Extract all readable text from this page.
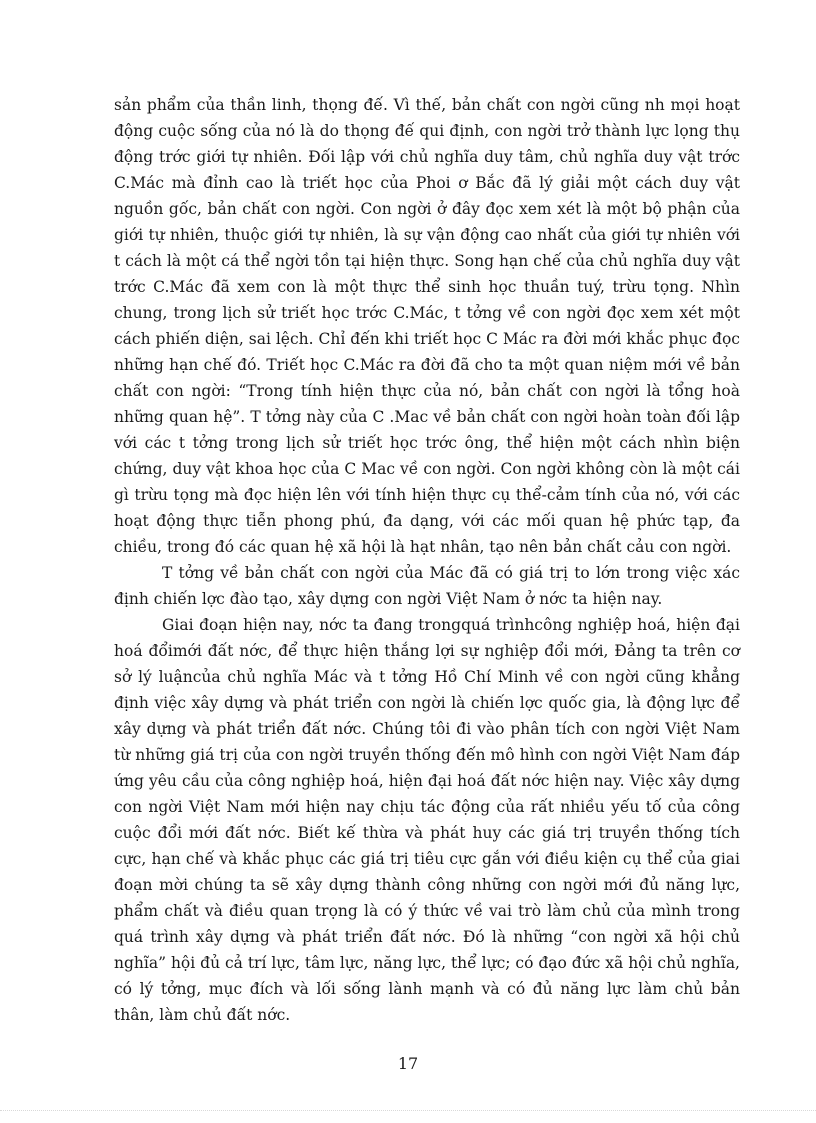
sản phẩm của thần linh, thọng đế. Vì thế, bản chất con ngời cũng nh mọi hoạt động cuộc sống của nó là do thọng đế qui định, con ngời trở thành lực lọng thụ động trớc giới tự nhiên. Đối lập với chủ nghĩa duy tâm, chủ nghĩa duy vật trớc C.Mác mà đỉnh cao là triết học của Phoi ơ Bắc đã lý giải một cách duy vật nguồn gốc, bản chất con ngời. Con ngời ở đây đọc xem xét là một bộ phận của giới tự nhiên, thuộc giới tự nhiên, là sự vận động cao nhất của giới tự nhiên với t cách là một cá thể ngời tồn tại hiện thực. Song hạn chế của chủ nghĩa duy vật trớc C.Mác đã xem con là một thực thể sinh học thuần tuý, trừu tọng. Nhìn chung, trong lịch sử triết học trớc C.Mác, t tởng về con ngời đọc xem xét một cách phiến diện, sai lệch. Chỉ đến khi triết học C Mác ra đời mới khắc phục đọc những hạn chế đó. Triết học C.Mác ra đời đã cho ta một quan niệm mới về bản chất con ngời: “Trong tính hiện thực của nó, bản chất con ngời là tổng hoà những quan hệ”. T tởng này của C .Mac về bản chất con ngời hoàn toàn đối lập với các t tởng trong lịch sử triết học trớc ông, thể hiện một cách nhìn biện chứng, duy vật khoa học của C Mac về con ngời. Con ngời không còn là một cái gì trừu tọng mà đọc hiện lên với tính hiện thực cụ thể-cảm tính của nó, với các hoạt động thực tiễn phong phú, đa dạng, với các mối quan hệ phức tạp, đa chiều, trong đó các quan hệ xã hội là hạt nhân, tạo nên bản chất cảu con ngời.

T tởng về bản chất con ngời của Mác đã có giá trị to lớn trong việc xác định chiến lợc đào tạo, xây dựng con ngời Việt Nam ở nớc ta hiện nay.

Giai đoạn hiện nay, nớc ta đang trongquá trìnhcông nghiệp hoá, hiện đại hoá đổimới đất nớc, để thực hiện thắng lợi sự nghiệp đổi mới, Đảng ta trên cơ sở lý luậncủa chủ nghĩa Mác và t tởng Hồ Chí Minh về con ngời cũng khẳng định việc xây dựng và phát triển con ngời là chiến lợc quốc gia, là động lực để xây dựng và phát triển đất nớc. Chúng tôi đi vào phân tích con ngời Việt Nam từ những giá trị của con ngời truyền thống đến mô hình con ngời Việt Nam đáp ứng yêu cầu của công nghiệp hoá, hiện đại hoá đất nớc hiện nay. Việc xây dựng con ngời Việt Nam mới hiện nay chịu tác động của rất nhiều yếu tố của công cuộc đổi mới đất nớc. Biết kế thừa và phát huy các giá trị truyền thống tích cực, hạn chế và khắc phục các giá trị tiêu cực gắn với điều kiện cụ thể của giai đoạn mời chúng ta sẽ xây dựng thành công những con ngời mới đủ năng lực, phẩm chất và điều quan trọng là có ý thức về vai trò làm chủ của mình trong quá trình xây dựng và phát triển đất nớc. Đó là những “con ngời xã hội chủ nghĩa” hội đủ cả trí lực, tâm lực, năng lực, thể lực; có đạo đức xã hội chủ nghĩa, có lý tởng, mục đích và lối sống lành mạnh và có đủ năng lực làm chủ bản thân, làm chủ đất nớc.

17
